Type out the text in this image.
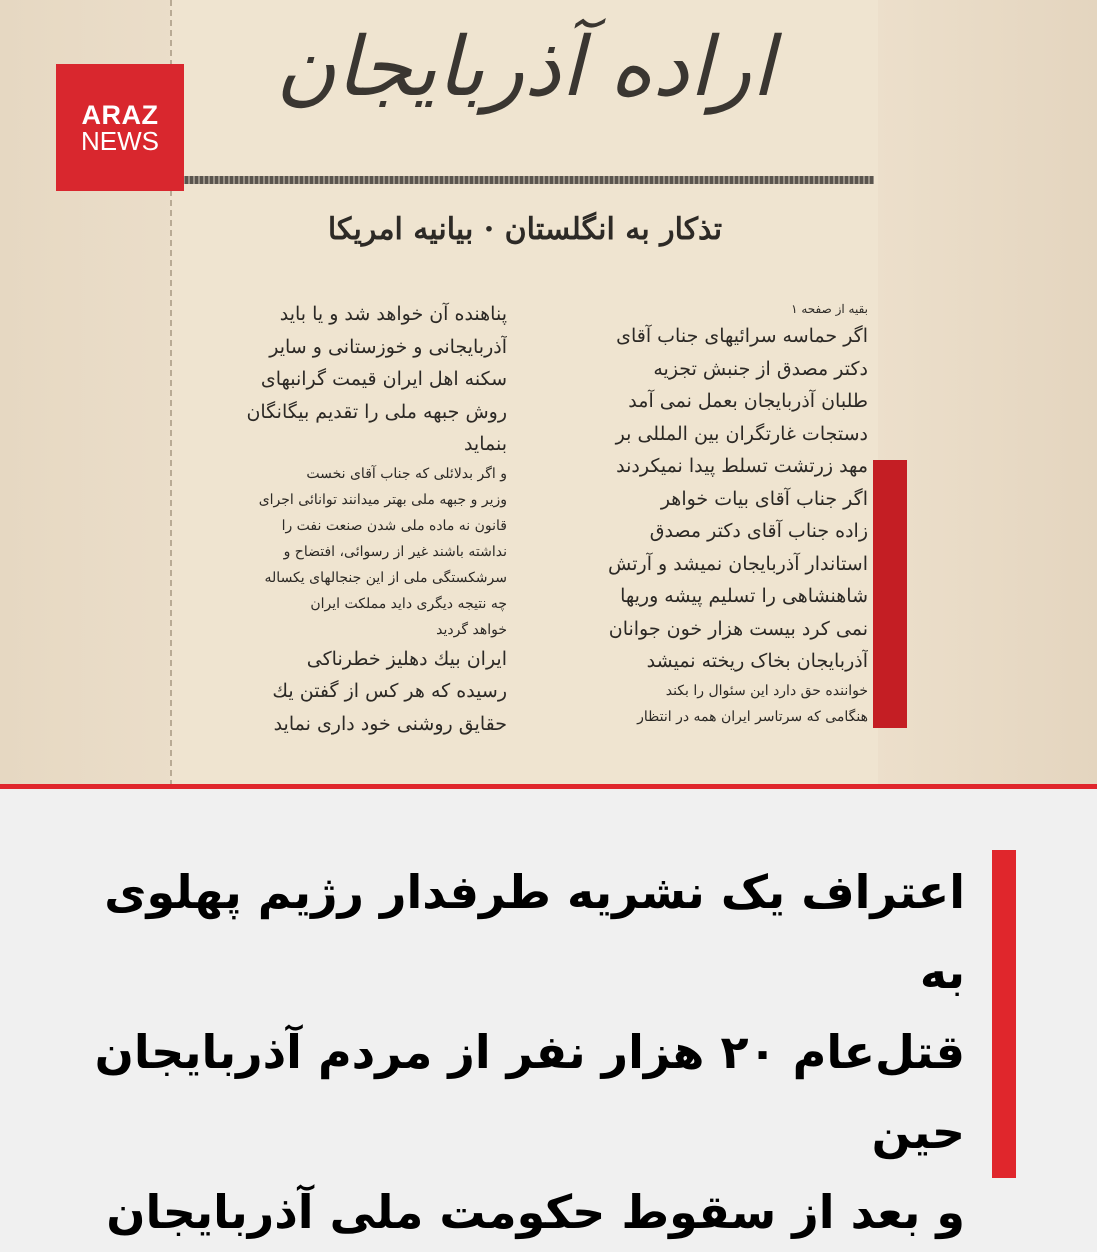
اراده آذربایجان
تذکار به انگلستان · بیانیه امریکا

بقیه از صفحه ۱

اگر حماسه سرائیهای جناب آقای

دکتر مصدق از جنبش تجزیه

طلبان آذربایجان بعمل نمی آمد

دستجات غارتگران بین المللی بر

مهد زرتشت تسلط پیدا نمیکردند

اگر جناب آقای بیات خواهر

زاده جناب آقای دکتر مصدق

استاندار آذربایجان نمیشد و آرتش

شاهنشاهی را تسلیم پیشه وریها

نمی کرد بیست هزار خون جوانان

آذربایجان بخاک ریخته نمیشد

خواننده حق دارد این سئوال را بکند

هنگامی که سرتاسر ایران همه در انتظار

پناهنده آن خواهد شد و یا باید

آذربایجانی و خوزستانی و سایر

سکنه اهل ایران قیمت گرانبهای

روش جبهه ملی را تقدیم بیگانگان

بنماید

و اگر بدلائلی که جناب آقای نخست

وزیر و جبهه ملی بهتر میدانند توانائی اجرای

قانون نه ماده ملی شدن صنعت نفت را

نداشته باشند غیر از رسوائی، افتضاح و

سرشکستگی ملی از این جنجالهای یکساله

چه نتیجه دیگری داید مملکت ایران

خواهد گردید

ایران بیك دهلیز خطرناکی

رسیده که هر کس از گفتن یك

حقایق روشنی خود داری نماید

ARAZ
NEWS
اعتراف یک نشریه طرفدار رژیم پهلوی به
قتل‌عام ۲۰ هزار نفر از مردم آذربایجان حین
و بعد از سقوط حکومت ملی آذربایجان
